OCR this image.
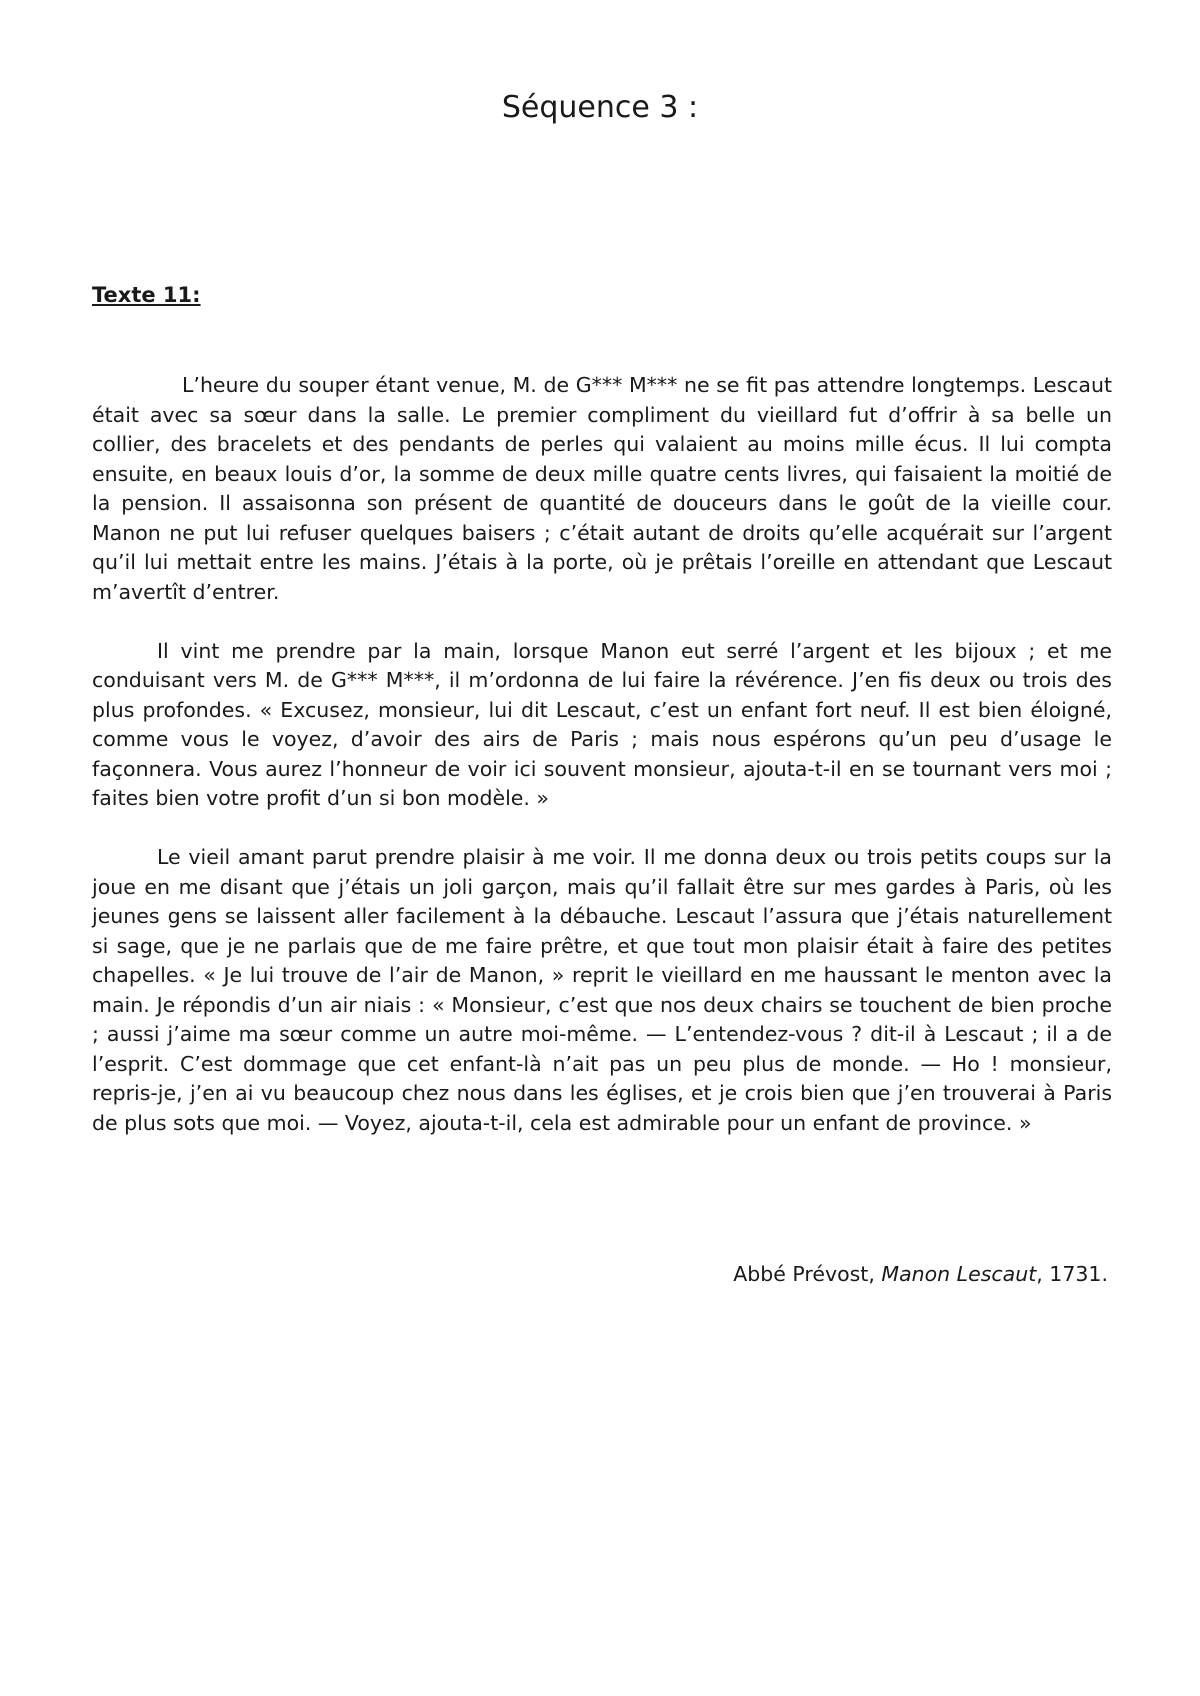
Séquence 3 :
Texte 11:

L’heure du souper étant venue, M. de G*** M*** ne se fit pas attendre longtemps. Lescaut était avec sa sœur dans la salle. Le premier compliment du vieillard fut d’offrir à sa belle un collier, des bracelets et des pendants de perles qui valaient au moins mille écus. Il lui compta ensuite, en beaux louis d’or, la somme de deux mille quatre cents livres, qui faisaient la moitié de la pension. Il assaisonna son présent de quantité de douceurs dans le goût de la vieille cour. Manon ne put lui refuser quelques baisers ; c’était autant de droits qu’elle acquérait sur l’argent qu’il lui mettait entre les mains. J’étais à la porte, où je prêtais l’oreille en attendant que Lescaut m’avertît d’entrer.

Il vint me prendre par la main, lorsque Manon eut serré l’argent et les bijoux ; et me conduisant vers M. de G*** M***, il m’ordonna de lui faire la révérence. J’en fis deux ou trois des plus profondes. « Excusez, monsieur, lui dit Lescaut, c’est un enfant fort neuf. Il est bien éloigné, comme vous le voyez, d’avoir des airs de Paris ; mais nous espérons qu’un peu d’usage le façonnera. Vous aurez l’honneur de voir ici souvent monsieur, ajouta-t-il en se tournant vers moi ; faites bien votre profit d’un si bon modèle. »

Le vieil amant parut prendre plaisir à me voir. Il me donna deux ou trois petits coups sur la joue en me disant que j’étais un joli garçon, mais qu’il fallait être sur mes gardes à Paris, où les jeunes gens se laissent aller facilement à la débauche. Lescaut l’assura que j’étais naturellement si sage, que je ne parlais que de me faire prêtre, et que tout mon plaisir était à faire des petites chapelles. « Je lui trouve de l’air de Manon, » reprit le vieillard en me haussant le menton avec la main. Je répondis d’un air niais : « Monsieur, c’est que nos deux chairs se touchent de bien proche ; aussi j’aime ma sœur comme un autre moi-même. — L’entendez-vous ? dit-il à Lescaut ; il a de l’esprit. C’est dommage que cet enfant-là n’ait pas un peu plus de monde. — Ho ! monsieur, repris-je, j’en ai vu beaucoup chez nous dans les églises, et je crois bien que j’en trouverai à Paris de plus sots que moi. — Voyez, ajouta-t-il, cela est admirable pour un enfant de province. »

Abbé Prévost, Manon Lescaut, 1731.
